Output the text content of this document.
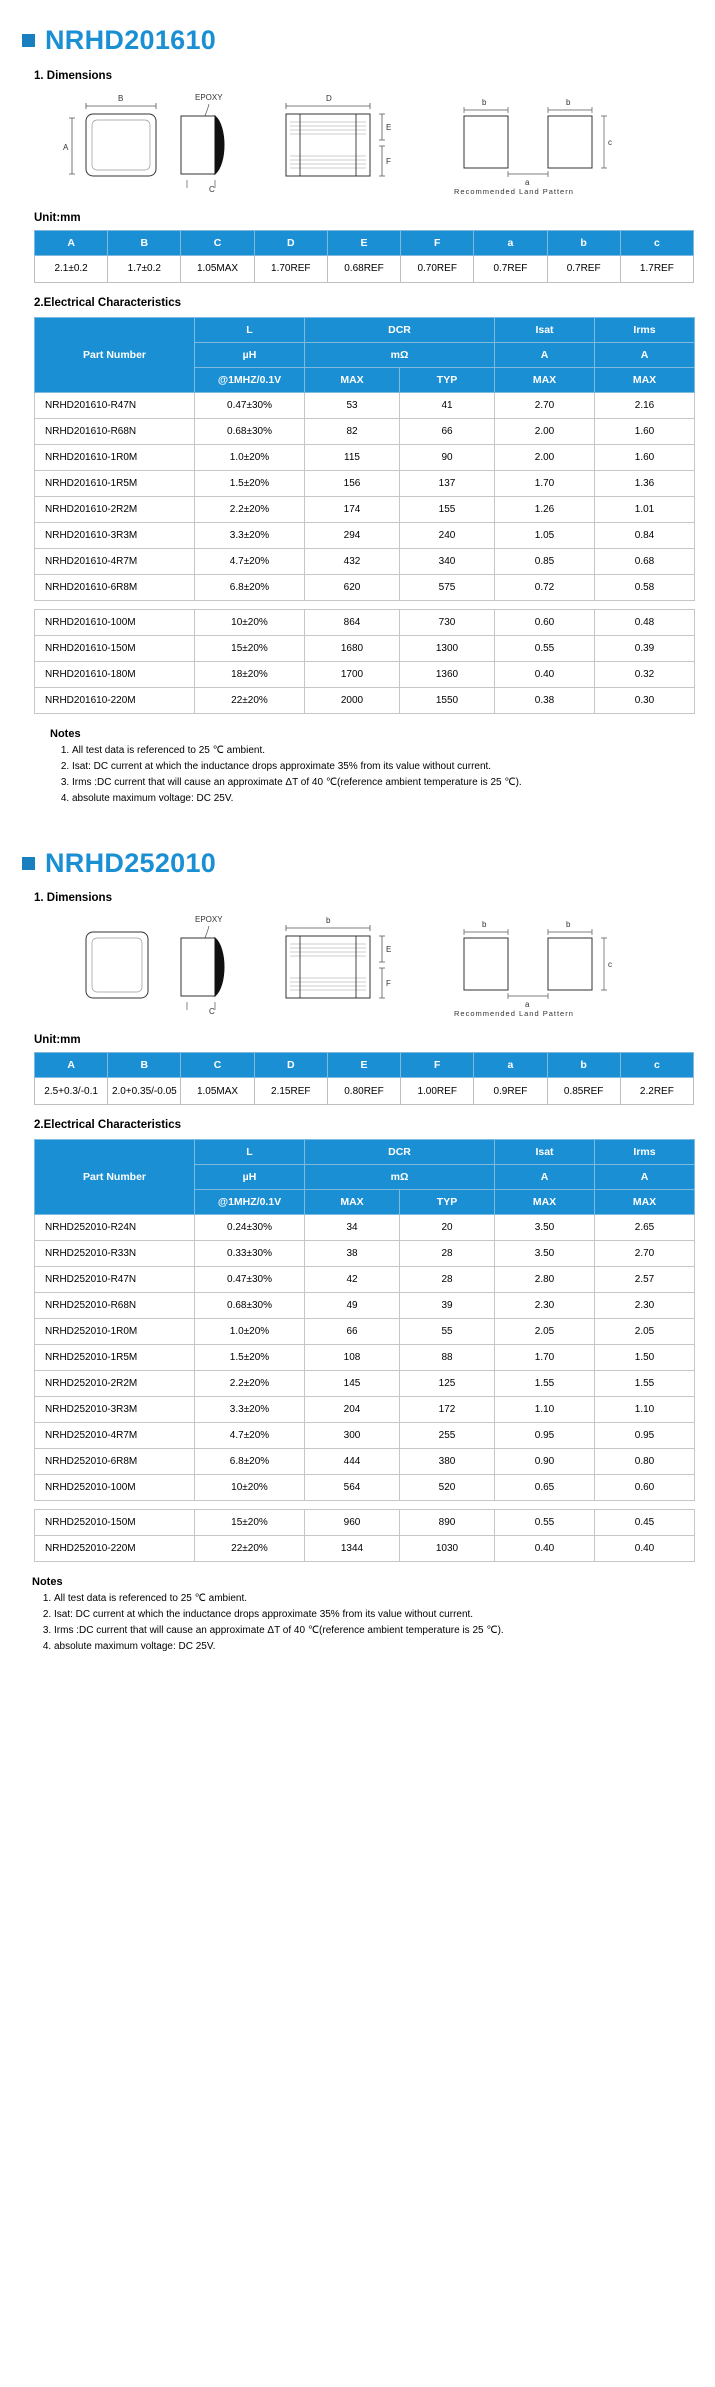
NRHD201610
1. Dimensions
B
A
EPOXY
C
D
E
F
b	b
c
a
Recommended Land Pattern
Unit:mm
A	B	C	D	E	F	a	b	c
2.1±0.2	1.7±0.2	1.05MAX	1.70REF	0.68REF	0.70REF	0.7REF	0.7REF	1.7REF
2.Electrical Characteristics
Part Number	L	DCR		Isat	Irms
	µH	mΩ		A	A
	@1MHZ/0.1V	MAX	TYP	MAX	MAX
NRHD201610-R47N	0.47±30%	53	41	2.70	2.16
NRHD201610-R68N	0.68±30%	82	66	2.00	1.60
NRHD201610-1R0M	1.0±20%	115	90	2.00	1.60
NRHD201610-1R5M	1.5±20%	156	137	1.70	1.36
NRHD201610-2R2M	2.2±20%	174	155	1.26	1.01
NRHD201610-3R3M	3.3±20%	294	240	1.05	0.84
NRHD201610-4R7M	4.7±20%	432	340	0.85	0.68
NRHD201610-6R8M	6.8±20%	620	575	0.72	0.58

NRHD201610-100M	10±20%	864	730	0.60	0.48
NRHD201610-150M	15±20%	1680	1300	0.55	0.39
NRHD201610-180M	18±20%	1700	1360	0.40	0.32
NRHD201610-220M	22±20%	2000	1550	0.38	0.30
Notes
1. All test data is referenced to 25 ℃ ambient.
2. Isat: DC current at which the inductance drops approximate 35% from its value without current.
3. Irms :DC current that will cause an approximate ΔT of 40 ℃(reference ambient temperature is 25 ℃).
4. absolute maximum voltage: DC 25V.
NRHD252010
1. Dimensions
EPOXY
C
b
E
F
b	b
c
a
Recommended Land Pattern
Unit:mm
A	B	C	D	E	F	a	b	c
2.5+0.3/-0.1	2.0+0.35/-0.05	1.05MAX	2.15REF	0.80REF	1.00REF	0.9REF	0.85REF	2.2REF
2.Electrical Characteristics
Part Number	L	DCR		Isat	Irms
	µH	mΩ		A	A
	@1MHZ/0.1V	MAX	TYP	MAX	MAX
NRHD252010-R24N	0.24±30%	34	20	3.50	2.65
NRHD252010-R33N	0.33±30%	38	28	3.50	2.70
NRHD252010-R47N	0.47±30%	42	28	2.80	2.57
NRHD252010-R68N	0.68±30%	49	39	2.30	2.30
NRHD252010-1R0M	1.0±20%	66	55	2.05	2.05
NRHD252010-1R5M	1.5±20%	108	88	1.70	1.50
NRHD252010-2R2M	2.2±20%	145	125	1.55	1.55
NRHD252010-3R3M	3.3±20%	204	172	1.10	1.10
NRHD252010-4R7M	4.7±20%	300	255	0.95	0.95
NRHD252010-6R8M	6.8±20%	444	380	0.90	0.80
NRHD252010-100M	10±20%	564	520	0.65	0.60

NRHD252010-150M	15±20%	960	890	0.55	0.45
NRHD252010-220M	22±20%	1344	1030	0.40	0.40
Notes
1. All test data is referenced to 25 ℃ ambient.
2. Isat: DC current at which the inductance drops approximate 35% from its value without current.
3. Irms :DC current that will cause an approximate ΔT of 40 ℃(reference ambient temperature is 25 ℃).
4. absolute maximum voltage: DC 25V.
